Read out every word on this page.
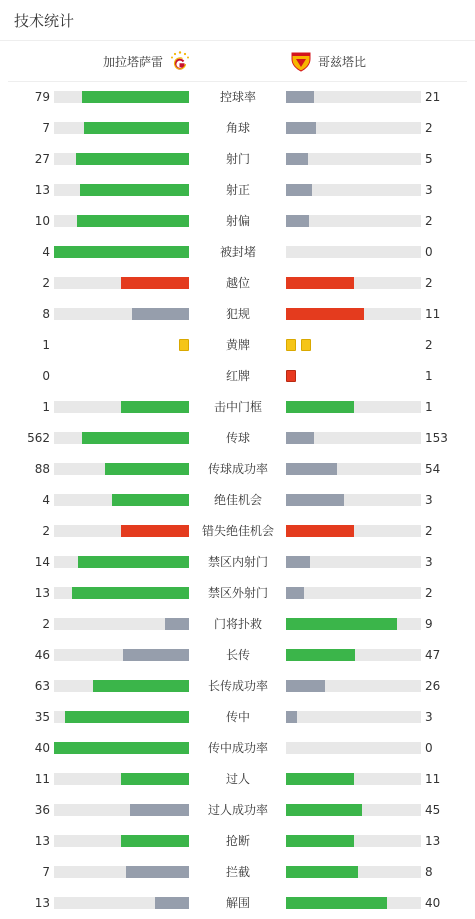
技术统计
加拉塔萨雷	哥兹塔比
79	控球率	21
7	角球	2
27	射门	5
13	射正	3
10	射偏	2
4	被封堵	0
2	越位	2
8	犯规	11
1	黄牌	2
0	红牌	1
1	击中门框	1
562	传球	153
88	传球成功率	54
4	绝佳机会	3
2	错失绝佳机会	2
14	禁区内射门	3
13	禁区外射门	2
2	门将扑救	9
46	长传	47
63	长传成功率	26
35	传中	3
40	传中成功率	0
11	过人	11
36	过人成功率	45
13	抢断	13
7	拦截	8
13	解围	40
